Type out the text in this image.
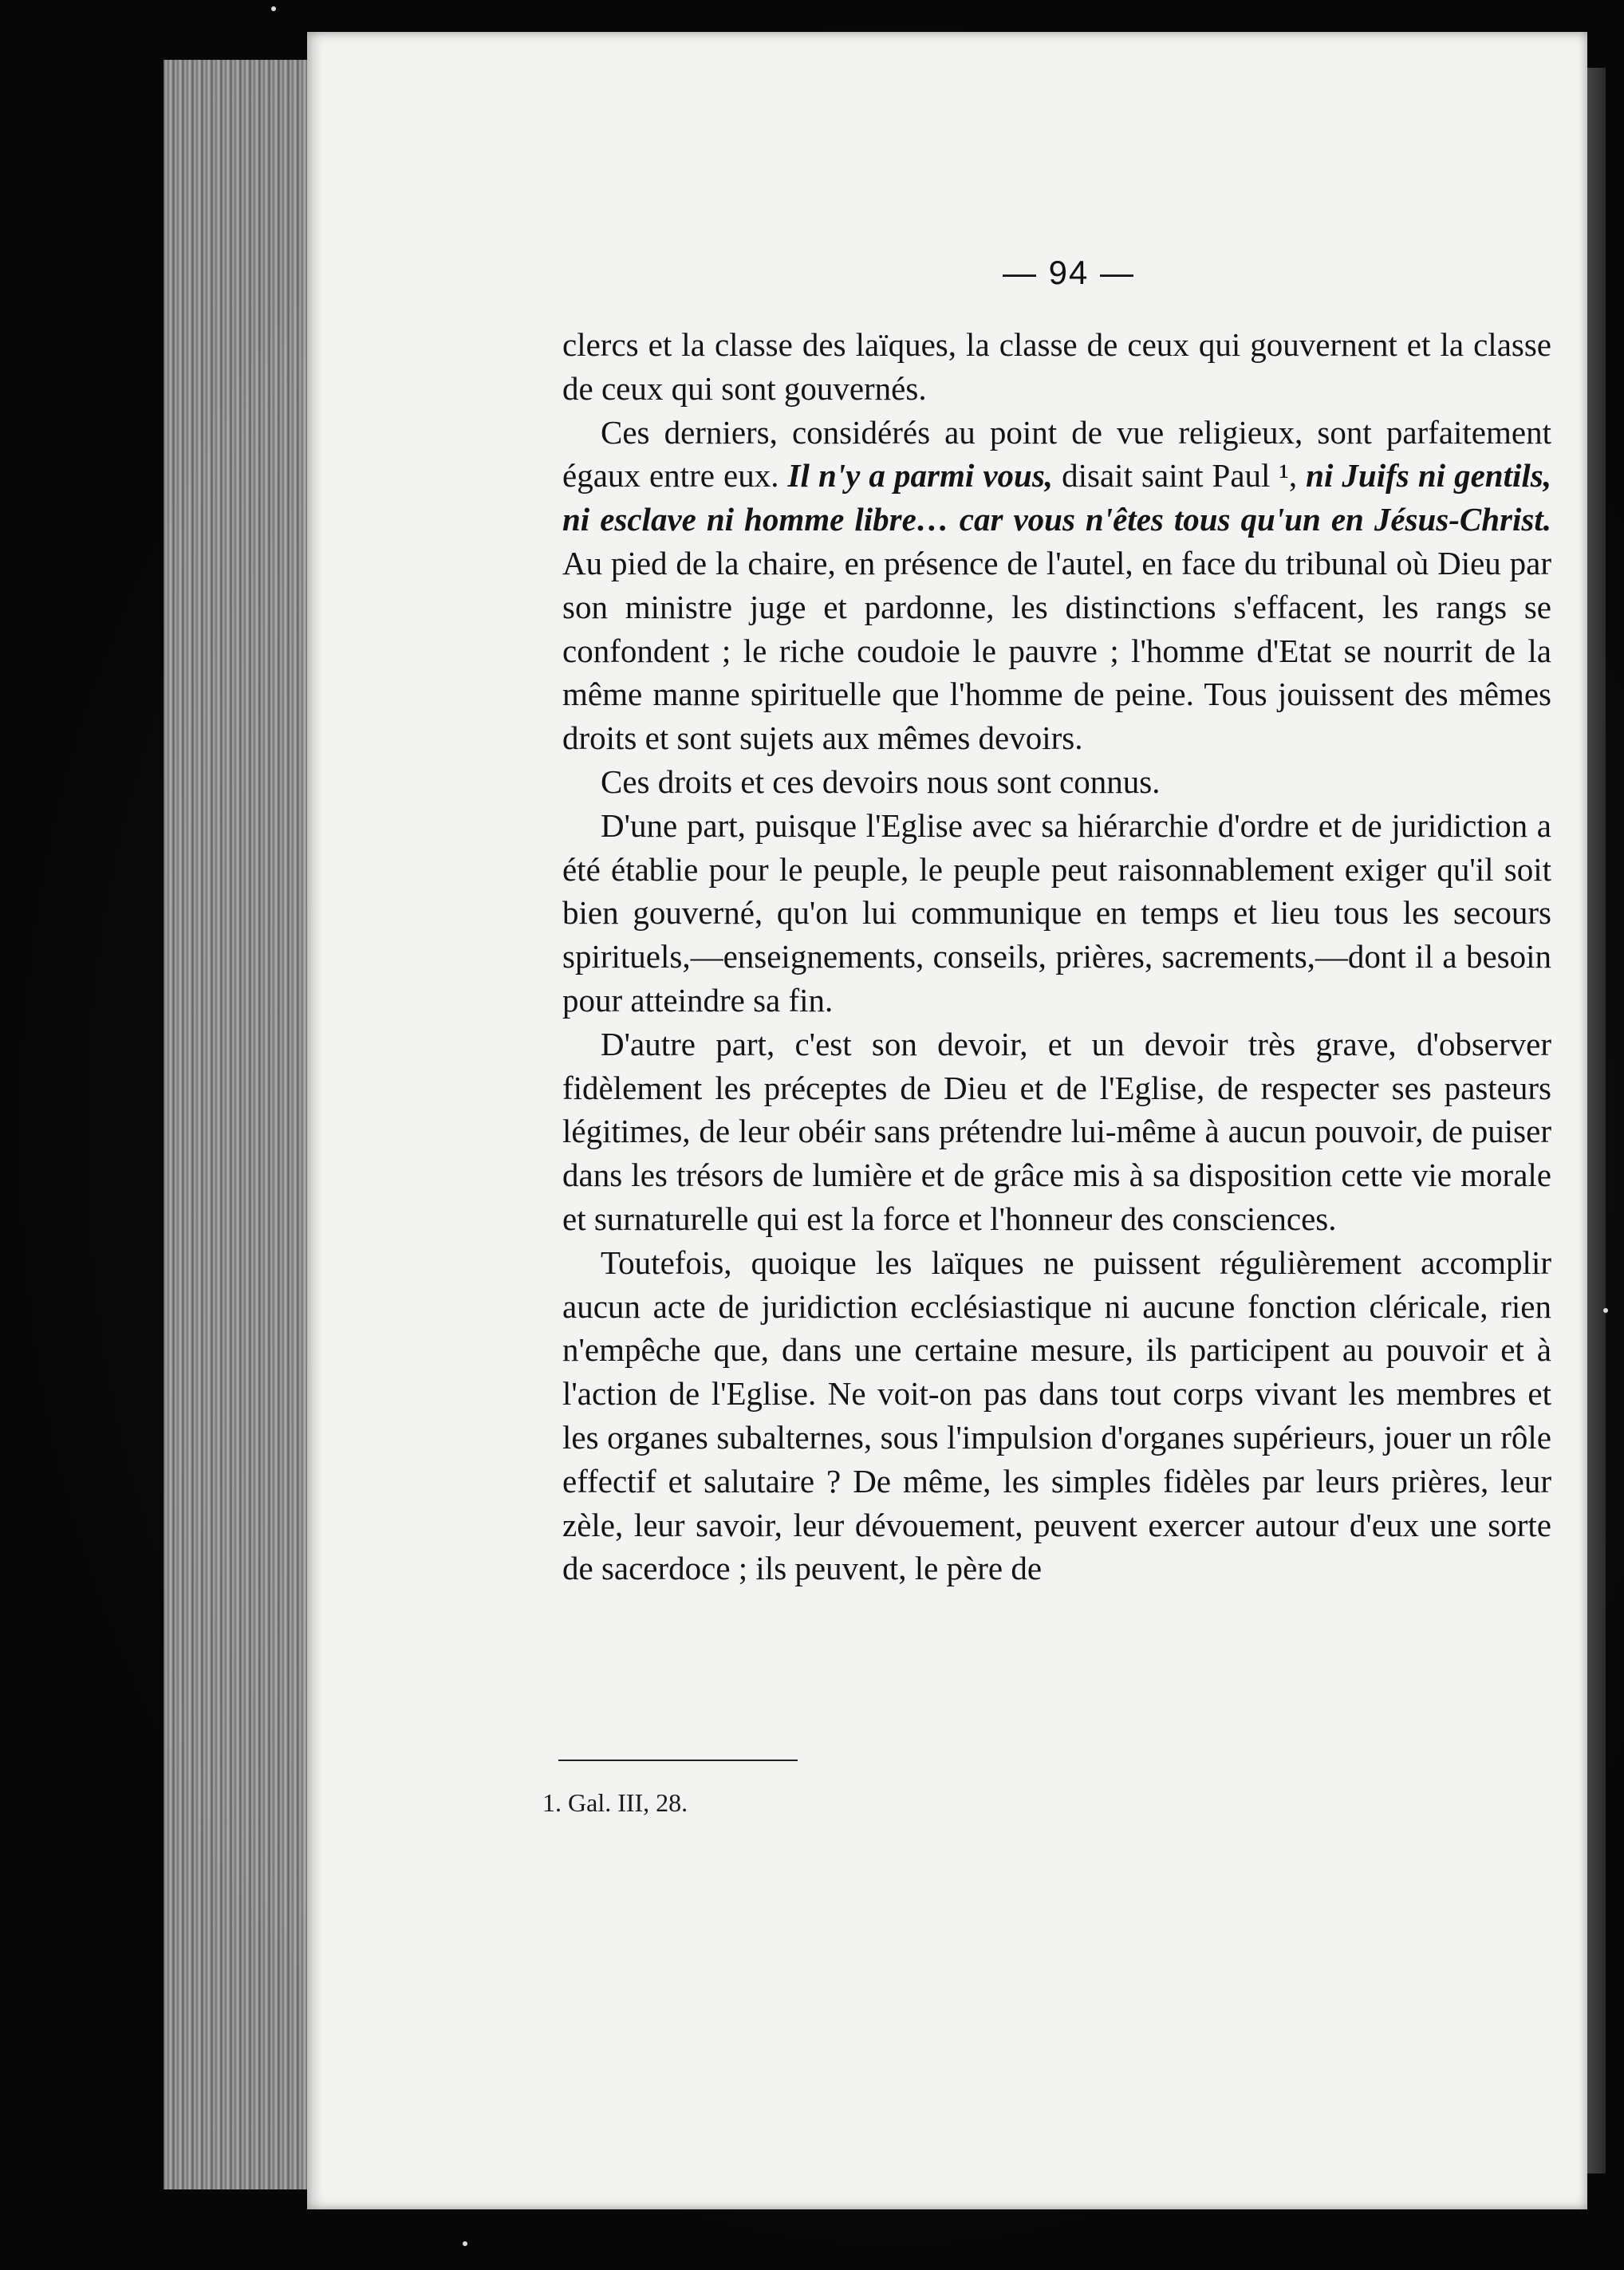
— 94 —

clercs et la classe des laïques, la classe de ceux qui gouvernent et la classe de ceux qui sont gouvernés.

Ces derniers, considérés au point de vue religieux, sont parfaitement égaux entre eux. Il n'y a parmi vous, disait saint Paul ¹, ni Juifs ni gentils, ni esclave ni homme libre… car vous n'êtes tous qu'un en Jésus-Christ. Au pied de la chaire, en présence de l'autel, en face du tribunal où Dieu par son ministre juge et pardonne, les distinctions s'effacent, les rangs se confondent ; le riche coudoie le pauvre ; l'homme d'Etat se nourrit de la même manne spirituelle que l'homme de peine. Tous jouissent des mêmes droits et sont sujets aux mêmes devoirs.

Ces droits et ces devoirs nous sont connus.

D'une part, puisque l'Eglise avec sa hiérarchie d'ordre et de juridiction a été établie pour le peuple, le peuple peut raisonnablement exiger qu'il soit bien gouverné, qu'on lui communique en temps et lieu tous les secours spirituels,—enseignements, conseils, prières, sacrements,—dont il a besoin pour atteindre sa fin.

D'autre part, c'est son devoir, et un devoir très grave, d'observer fidèlement les préceptes de Dieu et de l'Eglise, de respecter ses pasteurs légitimes, de leur obéir sans prétendre lui-même à aucun pouvoir, de puiser dans les trésors de lumière et de grâce mis à sa disposition cette vie morale et surnaturelle qui est la force et l'honneur des consciences.

Toutefois, quoique les laïques ne puissent régulièrement accomplir aucun acte de juridiction ecclésiastique ni aucune fonction cléricale, rien n'empêche que, dans une certaine mesure, ils participent au pouvoir et à l'action de l'Eglise. Ne voit-on pas dans tout corps vivant les membres et les organes subalternes, sous l'impulsion d'organes supérieurs, jouer un rôle effectif et salutaire ? De même, les simples fidèles par leurs prières, leur zèle, leur savoir, leur dévouement, peuvent exercer autour d'eux une sorte de sacerdoce ; ils peuvent, le père de

1. Gal. III, 28.
